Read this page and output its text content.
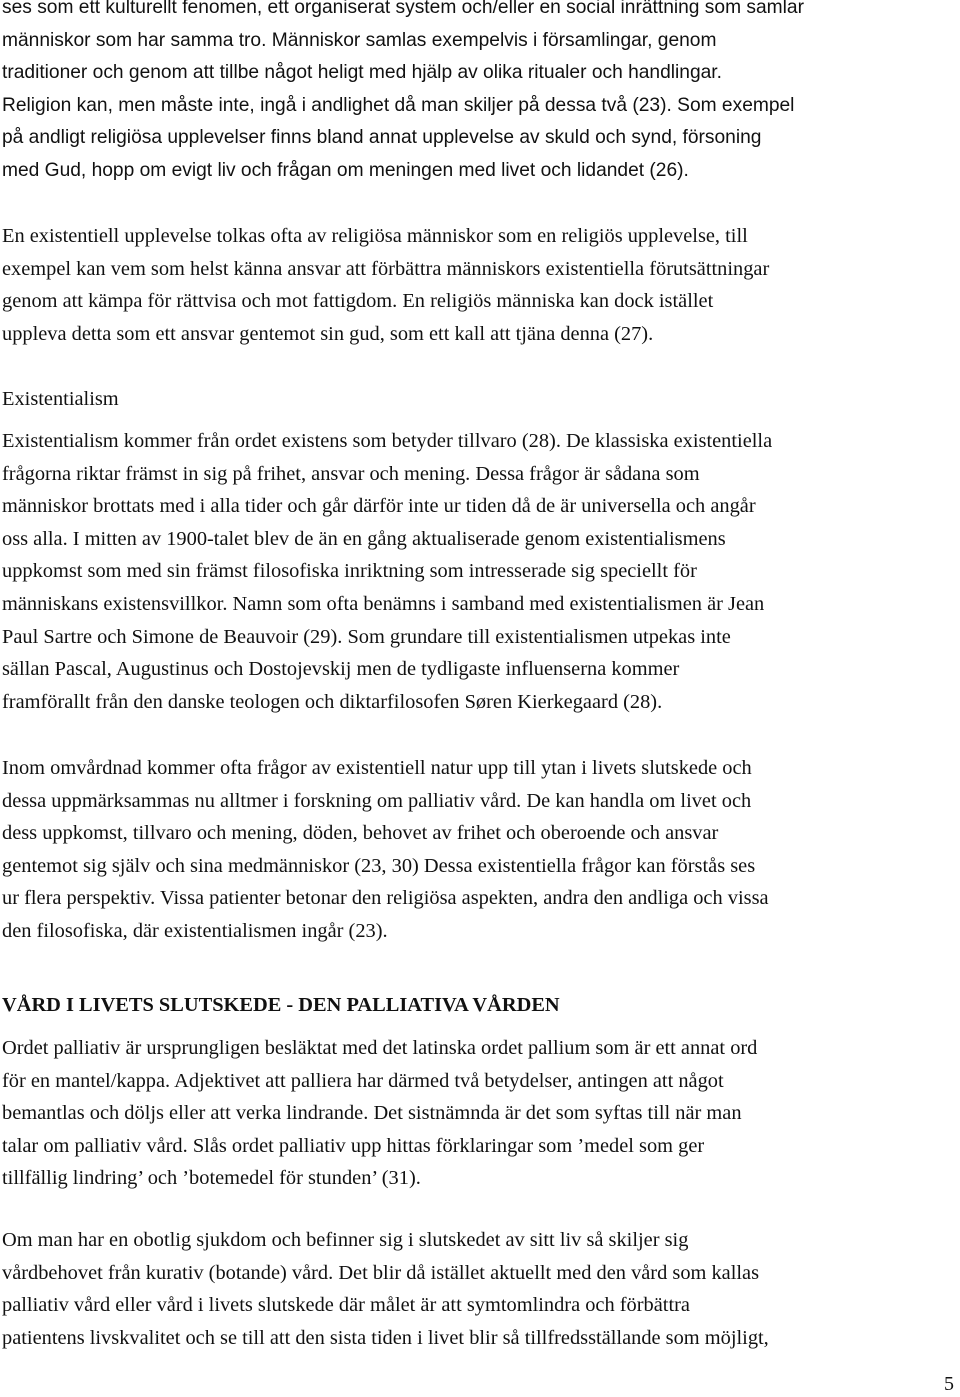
ses som ett kulturellt fenomen, ett organiserat system och/eller en social inrättning som samlar
människor som har samma tro. Människor samlas exempelvis i församlingar, genom
traditioner och genom att tillbe något heligt med hjälp av olika ritualer och handlingar.
Religion kan, men måste inte, ingå i andlighet då man skiljer på dessa två (23). Som exempel
på andligt religiösa upplevelser finns bland annat upplevelse av skuld och synd, försoning
med Gud, hopp om evigt liv och frågan om meningen med livet och lidandet (26).
En existentiell upplevelse tolkas ofta av religiösa människor som en religiös upplevelse, till
exempel kan vem som helst känna ansvar att förbättra människors existentiella förutsättningar
genom att kämpa för rättvisa och mot fattigdom. En religiös människa kan dock istället
uppleva detta som ett ansvar gentemot sin gud, som ett kall att tjäna denna (27).
Existentialism
Existentialism kommer från ordet existens som betyder tillvaro (28). De klassiska existentiella
frågorna riktar främst in sig på frihet, ansvar och mening. Dessa frågor är sådana som
människor brottats med i alla tider och går därför inte ur tiden då de är universella och angår
oss alla. I mitten av 1900-talet blev de än en gång aktualiserade genom existentialismens
uppkomst som med sin främst filosofiska inriktning som intresserade sig speciellt för
människans existensvillkor. Namn som ofta benämns i samband med existentialismen är Jean
Paul Sartre och Simone de Beauvoir (29). Som grundare till existentialismen utpekas inte
sällan Pascal, Augustinus och Dostojevskij men de tydligaste influenserna kommer
framförallt från den danske teologen och diktarfilosofen Søren Kierkegaard (28).
Inom omvårdnad kommer ofta frågor av existentiell natur upp till ytan i livets slutskede och
dessa uppmärksammas nu alltmer i forskning om palliativ vård. De kan handla om livet och
dess uppkomst, tillvaro och mening, döden, behovet av frihet och oberoende och ansvar
gentemot sig själv och sina medmänniskor (23, 30) Dessa existentiella frågor kan förstås ses
ur flera perspektiv. Vissa patienter betonar den religiösa aspekten, andra den andliga och vissa
den filosofiska, där existentialismen ingår (23).
VÅRD I LIVETS SLUTSKEDE - DEN PALLIATIVA VÅRDEN
Ordet palliativ är ursprungligen besläktat med det latinska ordet pallium som är ett annat ord
för en mantel/kappa. Adjektivet att palliera har därmed två betydelser, antingen att något
bemantlas och döljs eller att verka lindrande. Det sistnämnda är det som syftas till när man
talar om palliativ vård. Slås ordet palliativ upp hittas förklaringar som ’medel som ger
tillfällig lindring’ och ’botemedel för stunden’ (31).
Om man har en obotlig sjukdom och befinner sig i slutskedet av sitt liv så skiljer sig
vårdbehovet från kurativ (botande) vård. Det blir då istället aktuellt med den vård som kallas
palliativ vård eller vård i livets slutskede där målet är att symtomlindra och förbättra
patientens livskvalitet och se till att den sista tiden i livet blir så tillfredsställande som möjligt,
5
